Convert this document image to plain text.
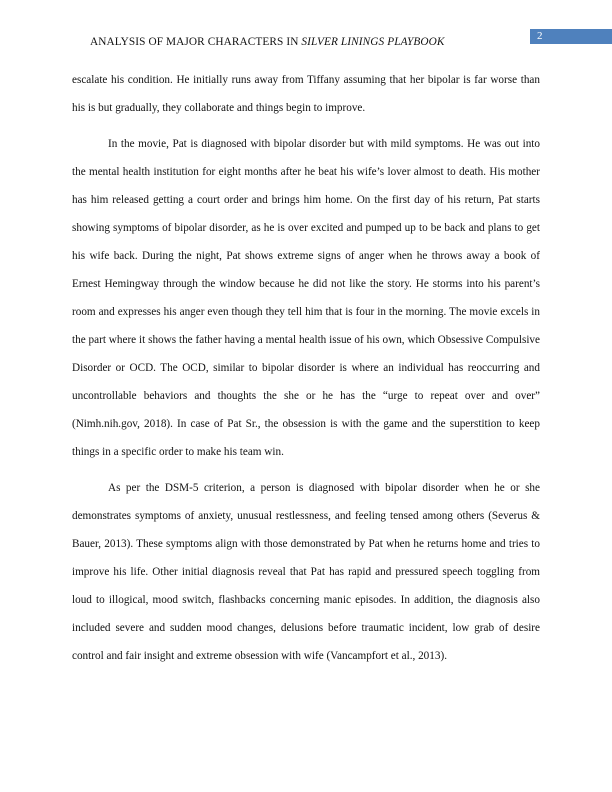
ANALYSIS OF MAJOR CHARACTERS IN SILVER LININGS PLAYBOOK	2

escalate his condition. He initially runs away from Tiffany assuming that her bipolar is far worse than his is but gradually, they collaborate and things begin to improve.

In the movie, Pat is diagnosed with bipolar disorder but with mild symptoms. He was out into the mental health institution for eight months after he beat his wife’s lover almost to death. His mother has him released getting a court order and brings him home. On the first day of his return, Pat starts showing symptoms of bipolar disorder, as he is over excited and pumped up to be back and plans to get his wife back. During the night, Pat shows extreme signs of anger when he throws away a book of Ernest Hemingway through the window because he did not like the story. He storms into his parent’s room and expresses his anger even though they tell him that is four in the morning. The movie excels in the part where it shows the father having a mental health issue of his own, which Obsessive Compulsive Disorder or OCD. The OCD, similar to bipolar disorder is where an individual has reoccurring and uncontrollable behaviors and thoughts the she or he has the “urge to repeat over and over” (Nimh.nih.gov, 2018). In case of Pat Sr., the obsession is with the game and the superstition to keep things in a specific order to make his team win.

As per the DSM-5 criterion, a person is diagnosed with bipolar disorder when he or she demonstrates symptoms of anxiety, unusual restlessness, and feeling tensed among others (Severus & Bauer, 2013). These symptoms align with those demonstrated by Pat when he returns home and tries to improve his life. Other initial diagnosis reveal that Pat has rapid and pressured speech toggling from loud to illogical, mood switch, flashbacks concerning manic episodes. In addition, the diagnosis also included severe and sudden mood changes, delusions before traumatic incident, low grab of desire control and fair insight and extreme obsession with wife (Vancampfort et al., 2013).
